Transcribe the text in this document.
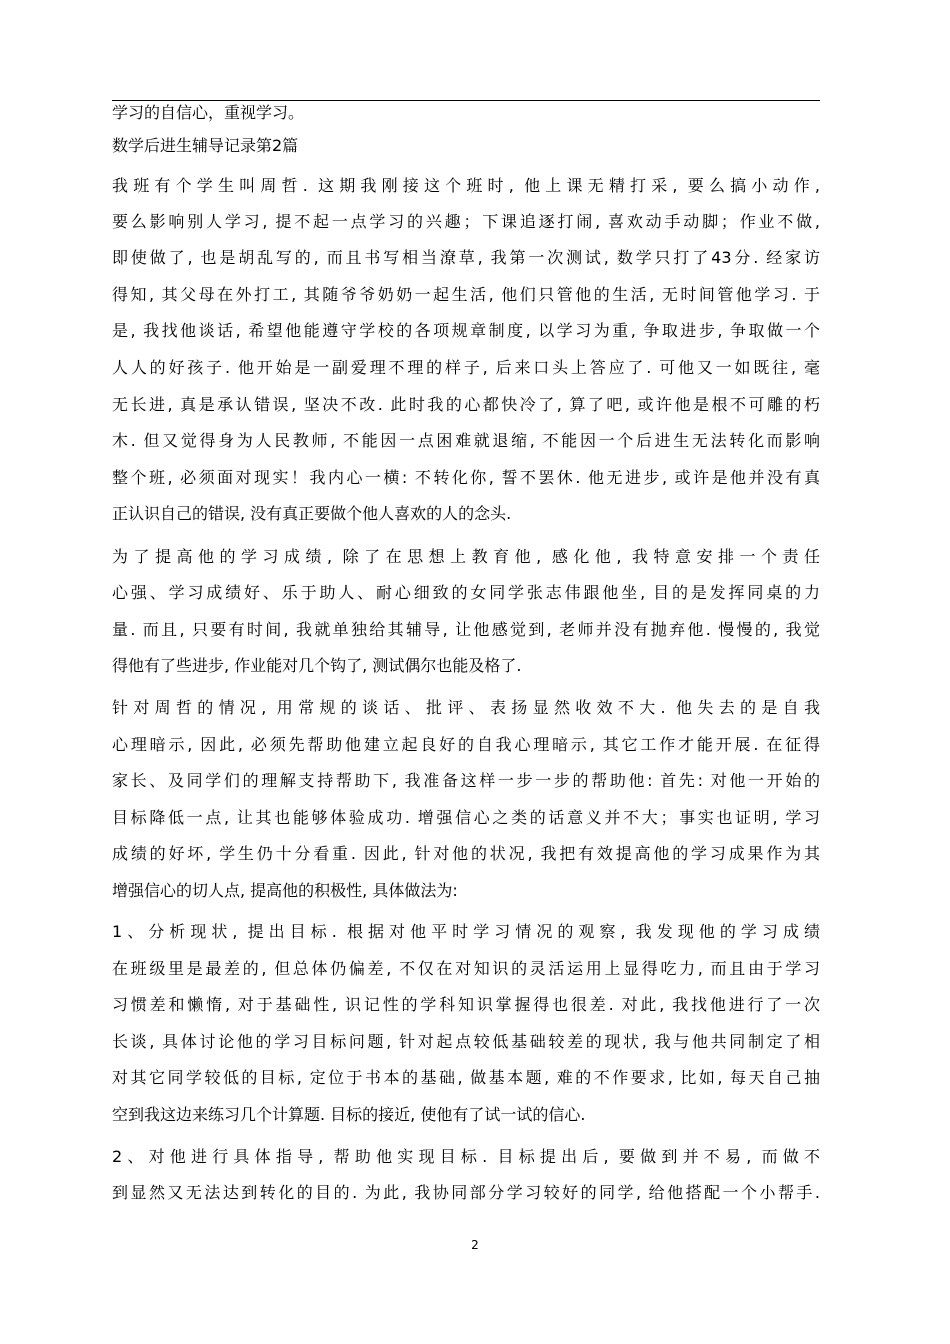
学习的自信心，重视学习。
数学后进生辅导记录第2篇
我班有个学生叫周哲. 这期我刚接这个班时, 他上课无精打采, 要么搞小动作,
要么影响别人学习, 提不起一点学习的兴趣；下课追逐打闹, 喜欢动手动脚；作业不做,
即使做了, 也是胡乱写的, 而且书写相当潦草, 我第一次测试, 数学只打了43分. 经家访
得知, 其父母在外打工, 其随爷爷奶奶一起生活, 他们只管他的生活, 无时间管他学习. 于
是, 我找他谈话, 希望他能遵守学校的各项规章制度, 以学习为重, 争取进步, 争取做一个
人人的好孩子. 他开始是一副爱理不理的样子, 后来口头上答应了. 可他又一如既往, 毫
无长进, 真是承认错误, 坚决不改. 此时我的心都快冷了, 算了吧, 或许他是根不可雕的朽
木. 但又觉得身为人民教师, 不能因一点困难就退缩, 不能因一个后进生无法转化而影响
整个班, 必须面对现实！我内心一横: 不转化你, 誓不罢休. 他无进步, 或许是他并没有真
正认识自己的错误, 没有真正要做个他人喜欢的人的念头.
为了提高他的学习成绩, 除了在思想上教育他, 感化他, 我特意安排一个责任
心强、学习成绩好、乐于助人、耐心细致的女同学张志伟跟他坐, 目的是发挥同桌的力
量. 而且, 只要有时间, 我就单独给其辅导, 让他感觉到, 老师并没有抛弃他. 慢慢的, 我觉
得他有了些进步, 作业能对几个钩了, 测试偶尔也能及格了.
针对周哲的情况, 用常规的谈话、批评、表扬显然收效不大. 他失去的是自我
心理暗示, 因此, 必须先帮助他建立起良好的自我心理暗示, 其它工作才能开展. 在征得
家长、及同学们的理解支持帮助下, 我准备这样一步一步的帮助他: 首先: 对他一开始的
目标降低一点, 让其也能够体验成功. 增强信心之类的话意义并不大；事实也证明, 学习
成绩的好坏, 学生仍十分看重. 因此, 针对他的状况, 我把有效提高他的学习成果作为其
增强信心的切人点, 提高他的积极性, 具体做法为:
1、分析现状, 提出目标. 根据对他平时学习情况的观察, 我发现他的学习成绩
在班级里是最差的, 但总体仍偏差, 不仅在对知识的灵活运用上显得吃力, 而且由于学习
习惯差和懒惰, 对于基础性, 识记性的学科知识掌握得也很差. 对此, 我找他进行了一次
长谈, 具体讨论他的学习目标问题, 针对起点较低基础较差的现状, 我与他共同制定了相
对其它同学较低的目标, 定位于书本的基础, 做基本题, 难的不作要求, 比如, 每天自己抽
空到我这边来练习几个计算题. 目标的接近, 使他有了试一试的信心.
2、对他进行具体指导, 帮助他实现目标. 目标提出后, 要做到并不易, 而做不
到显然又无法达到转化的目的. 为此, 我协同部分学习较好的同学, 给他搭配一个小帮手.
2
